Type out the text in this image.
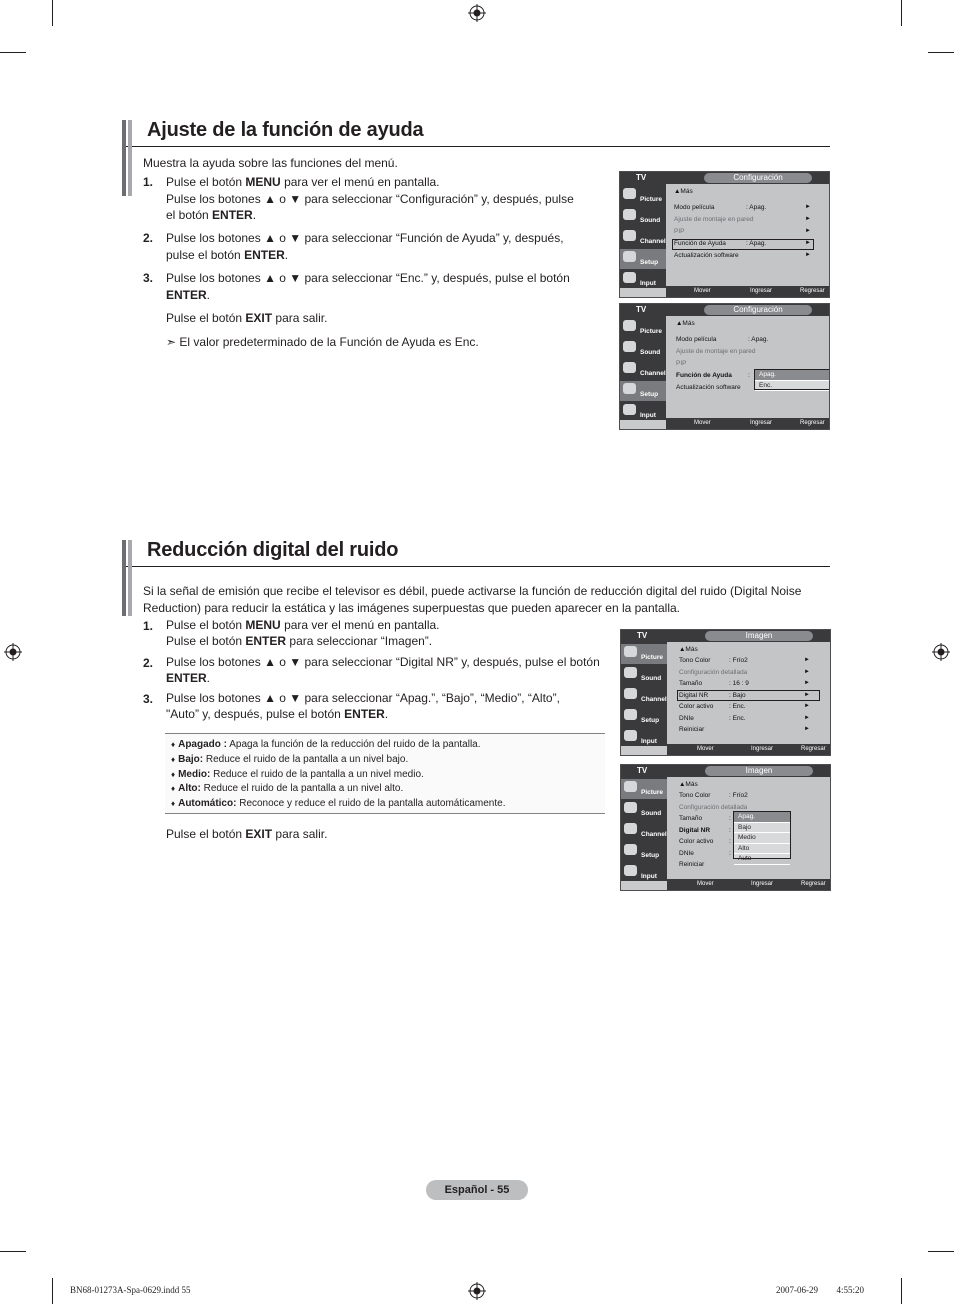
Ajuste de la función de ayuda
Muestra la ayuda sobre las funciones del menú.
1. Pulse el botón MENU para ver el menú en pantalla.
Pulse los botones ▲ o ▼ para seleccionar “Configuración” y, después, pulse
el botón ENTER.
2. Pulse los botones ▲ o ▼ para seleccionar “Función de Ayuda” y, después,
pulse el botón ENTER.
3. Pulse los botones ▲ o ▼ para seleccionar “Enc.” y, después, pulse el botón
ENTER.
Pulse el botón EXIT para salir.
➣ El valor predeterminado de la Función de Ayuda es Enc.
TV	Configuración
Picture
Sound
Channel
Setup
Input
▲Más
Modo película	: Apag.	►
Ajuste de montaje en pared	►
PIP	►
Función de Ayuda	: Apag.	►
Actualización software	►
Mover	Ingresar	Regresar
TV	Configuración
Picture
Sound
Channel
Setup
Input
▲Más
Modo película	: Apag.
Ajuste de montaje en pared
PIP
Función de Ayuda :
Actualización software
Apag.
Enc.
Mover	Ingresar	Regresar
Reducción digital del ruido
Si la señal de emisión que recibe el televisor es débil, puede activarse la función de reducción digital del ruido (Digital Noise
Reduction) para reducir la estática y las imágenes superpuestas que pueden aparecer en la pantalla.
1. Pulse el botón MENU para ver el menú en pantalla.
Pulse el botón ENTER para seleccionar “Imagen”.
2. Pulse los botones ▲ o ▼ para seleccionar “Digital NR” y, después, pulse el botón
ENTER.
3. Pulse los botones ▲ o ▼ para seleccionar “Apag.”, “Bajo”, “Medio”, “Alto”,
"Auto” y, después, pulse el botón ENTER.
♦ Apagado : Apaga la función de la reducción del ruido de la pantalla.
♦ Bajo: Reduce el ruido de la pantalla a un nivel bajo.
♦ Medio: Reduce el ruido de la pantalla a un nivel medio.
♦ Alto: Reduce el ruido de la pantalla a un nivel alto.
♦ Automático: Reconoce y reduce el ruido de la pantalla automáticamente.
Pulse el botón EXIT para salir.
TV	Imagen
Picture
Sound
Channel
Setup
Input
▲Más
Tono Color	: Frío2	►
Configuración detallada	►
Tamaño	: 16 : 9	►
Digital NR	: Bajo	►
Color activo : Enc.	►
DNIe	: Enc.	►
Reiniciar	►
Mover	Ingresar	Regresar
TV	Imagen
Picture
Sound
Channel
Setup
Input
▲Más
Tono Color	: Frío2
Configuración detallada
Tamaño	:
Digital NR	:
Color activo :
DNIe	:
Reiniciar
Apag.
Bajo
Medio
Alto
Auto
Mover	Ingresar	Regresar
Español - 55
BN68-01273A-Spa-0629.indd 55	2007-06-29 􀀀􀀀 4:55:20
